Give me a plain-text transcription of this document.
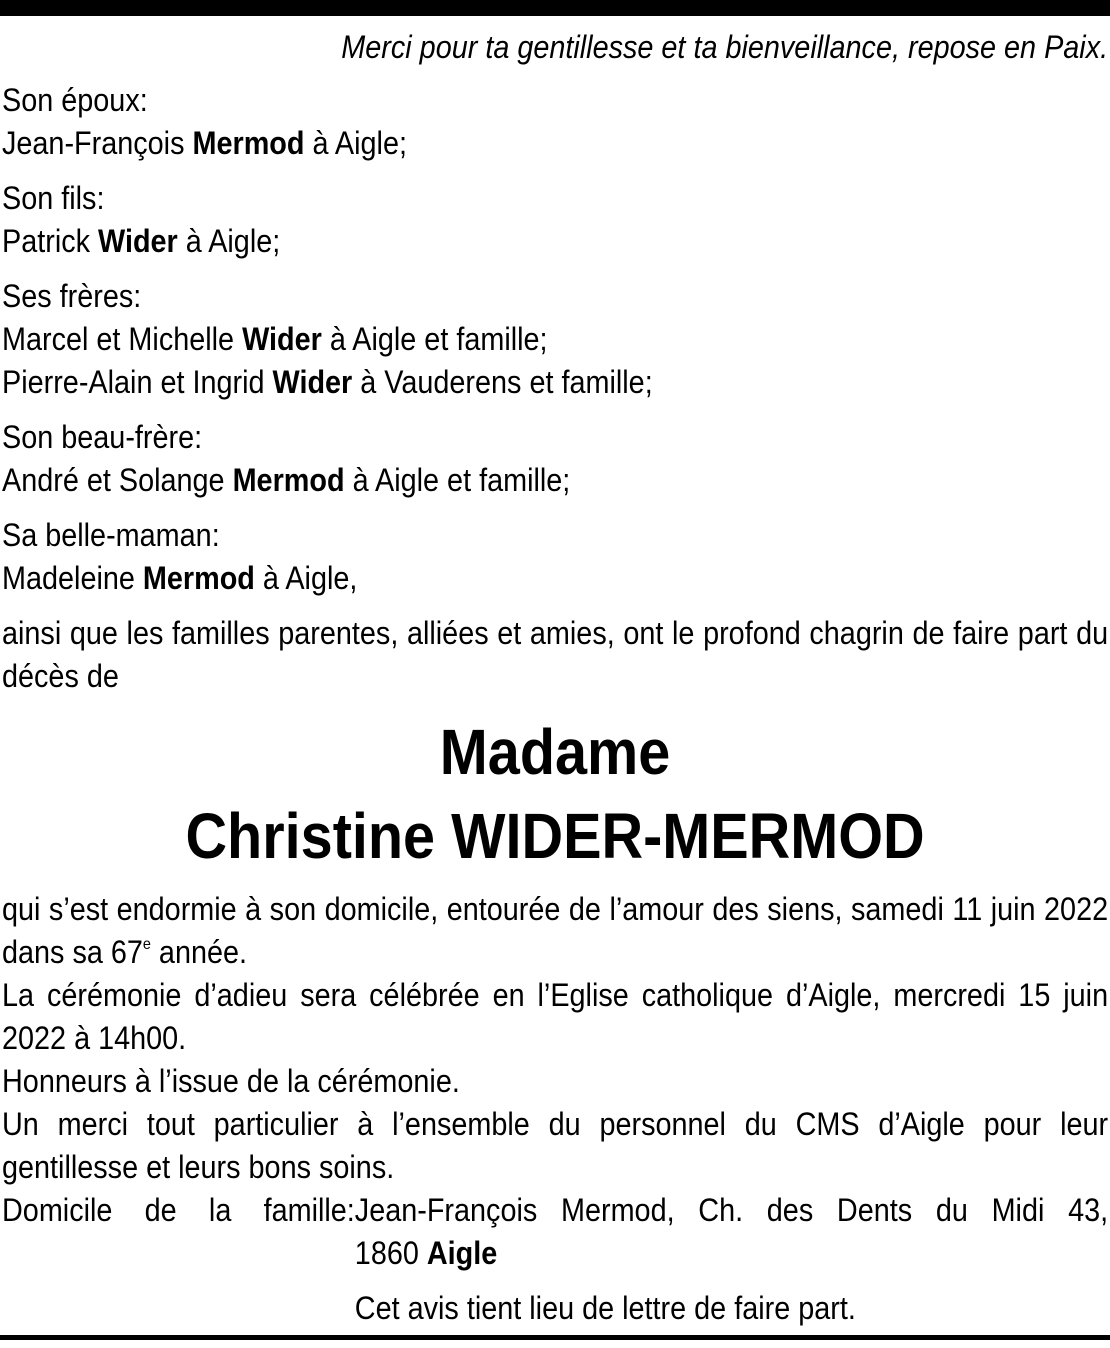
Merci pour ta gentillesse et ta bienveillance, repose en Paix.

Son époux:

Jean-François Mermod à Aigle;

Son fils:

Patrick Wider à Aigle;

Ses frères:

Marcel et Michelle Wider à Aigle et famille;

Pierre-Alain et Ingrid Wider à Vauderens et famille;

Son beau-frère:

André et Solange Mermod à Aigle et famille;

Sa belle-maman:

Madeleine Mermod à Aigle,

ainsi que les familles parentes, alliées et amies, ont le profond chagrin de faire part du décès de

Madame

Christine WIDER-MERMOD

qui s’est endormie à son domicile, entourée de l’amour des siens, samedi 11 juin 2022 dans sa 67e année.

La cérémonie d’adieu sera célébrée en l’Eglise catholique d’Aigle, mercredi 15 juin 2022 à 14h00.

Honneurs à l’issue de la cérémonie.

Un merci tout particulier à l’ensemble du personnel du CMS d’Aigle pour leur gentillesse et leurs bons soins.

Domicile de la famille: Jean-François Mermod, Ch. des Dents du Midi 43,
1860 Aigle

Cet avis tient lieu de lettre de faire part.
